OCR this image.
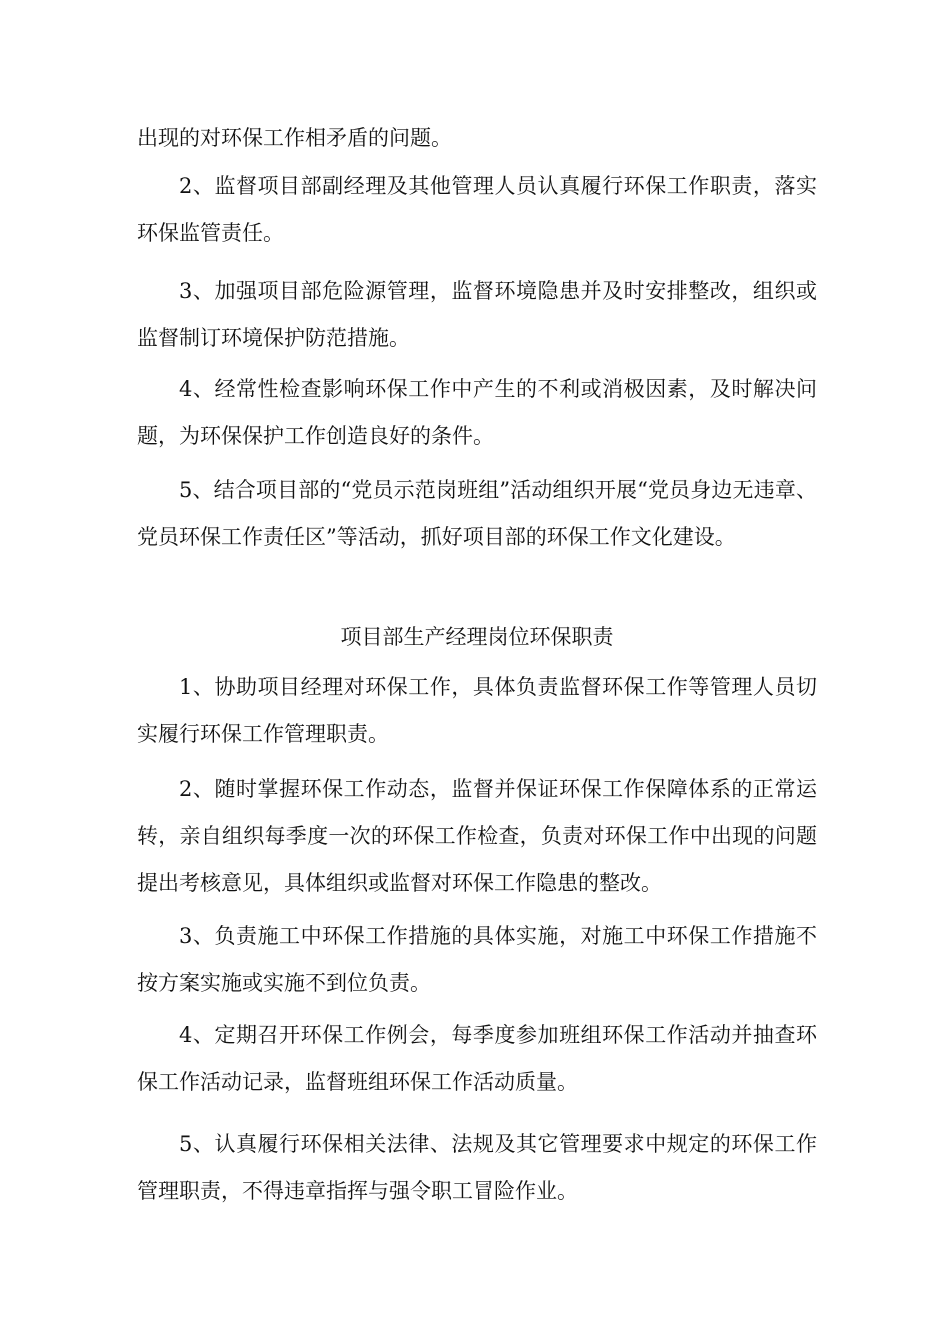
出现的对环保工作相矛盾的问题。

2、监督项目部副经理及其他管理人员认真履行环保工作职责，落实环保监管责任。

3、加强项目部危险源管理，监督环境隐患并及时安排整改，组织或监督制订环境保护防范措施。

4、经常性检查影响环保工作中产生的不利或消极因素，及时解决问题，为环保保护工作创造良好的条件。

5、结合项目部的“党员示范岗班组”活动组织开展“党员身边无违章、党员环保工作责任区”等活动，抓好项目部的环保工作文化建设。

项目部生产经理岗位环保职责

1、协助项目经理对环保工作，具体负责监督环保工作等管理人员切实履行环保工作管理职责。

2、随时掌握环保工作动态，监督并保证环保工作保障体系的正常运转，亲自组织每季度一次的环保工作检查，负责对环保工作中出现的问题提出考核意见，具体组织或监督对环保工作隐患的整改。

3、负责施工中环保工作措施的具体实施，对施工中环保工作措施不按方案实施或实施不到位负责。

4、定期召开环保工作例会，每季度参加班组环保工作活动并抽查环保工作活动记录，监督班组环保工作活动质量。

5、认真履行环保相关法律、法规及其它管理要求中规定的环保工作管理职责，不得违章指挥与强令职工冒险作业。
